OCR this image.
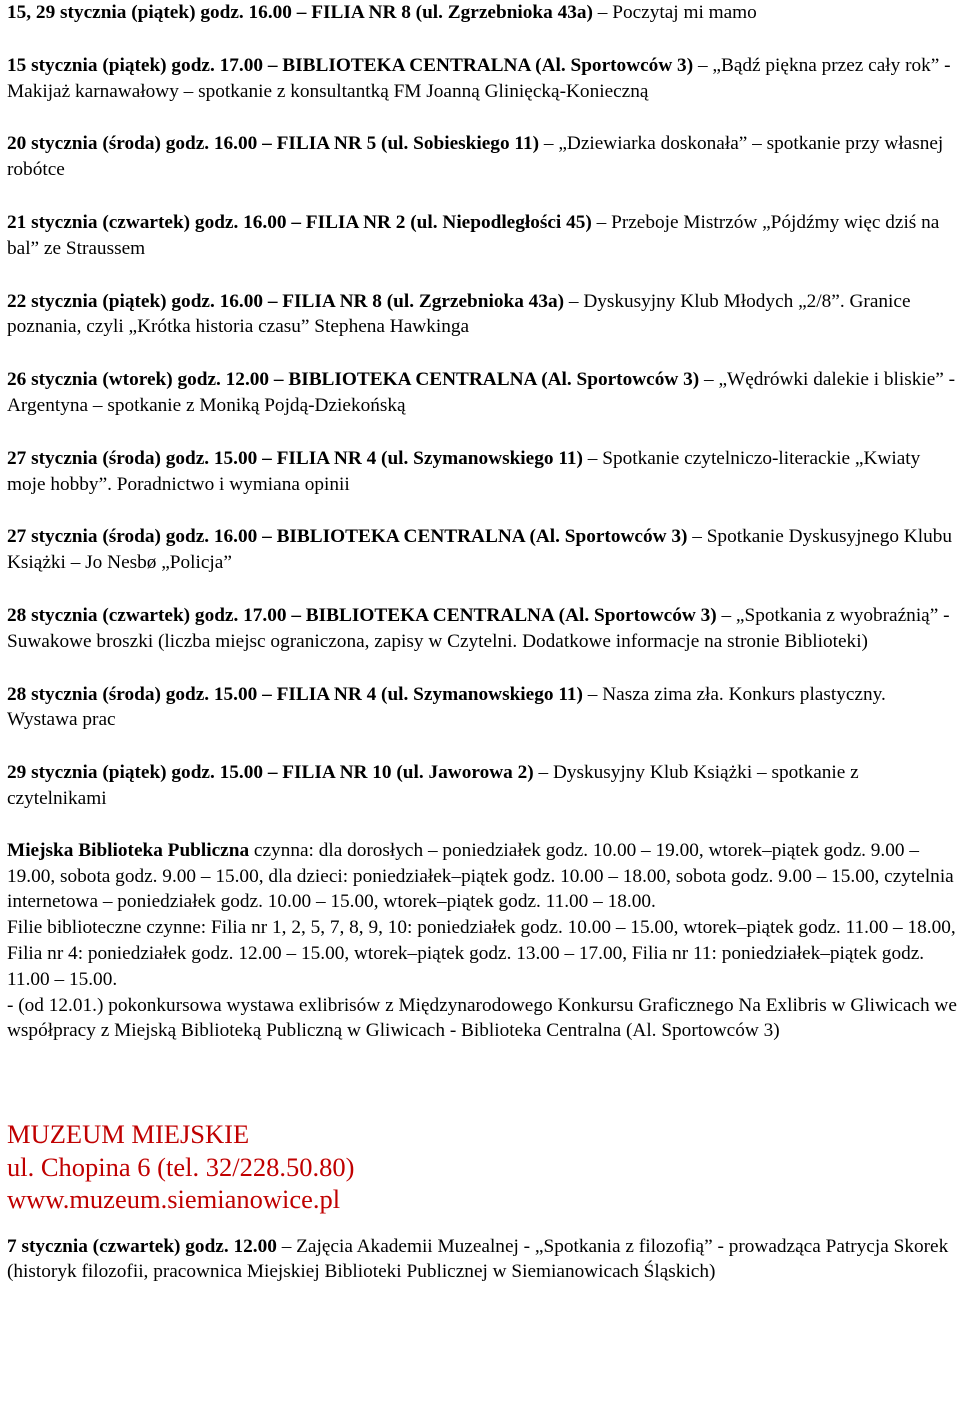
15, 29 stycznia (piątek) godz. 16.00 – FILIA NR 8 (ul. Zgrzebnioka 43a) – Poczytaj mi mamo

15 stycznia (piątek) godz. 17.00 – BIBLIOTEKA CENTRALNA (Al. Sportowców 3) – „Bądź piękna przez cały rok” - Makijaż karnawałowy – spotkanie z konsultantką FM Joanną Glinięcką-Konieczną

20 stycznia (środa) godz. 16.00 – FILIA NR 5 (ul. Sobieskiego 11) – „Dziewiarka doskonała” – spotkanie przy własnej robótce

21 stycznia (czwartek) godz. 16.00 – FILIA NR 2 (ul. Niepodległości 45) – Przeboje Mistrzów „Pójdźmy więc dziś na bal” ze Straussem

22 stycznia (piątek) godz. 16.00 – FILIA NR 8 (ul. Zgrzebnioka 43a) – Dyskusyjny Klub Młodych „2/8”. Granice poznania, czyli „Krótka historia czasu” Stephena Hawkinga

26 stycznia (wtorek) godz. 12.00 – BIBLIOTEKA CENTRALNA (Al. Sportowców 3) – „Wędrówki dalekie i bliskie” - Argentyna – spotkanie z Moniką Pojdą-Dziekońską

27 stycznia (środa) godz. 15.00 – FILIA NR 4 (ul. Szymanowskiego 11) – Spotkanie czytelniczo-literackie „Kwiaty moje hobby”. Poradnictwo i wymiana opinii

27 stycznia (środa) godz. 16.00 – BIBLIOTEKA CENTRALNA (Al. Sportowców 3) – Spotkanie Dyskusyjnego Klubu Książki – Jo Nesbø „Policja”

28 stycznia (czwartek) godz. 17.00 – BIBLIOTEKA CENTRALNA (Al. Sportowców 3) – „Spotkania z wyobraźnią” - Suwakowe broszki (liczba miejsc ograniczona, zapisy w Czytelni. Dodatkowe informacje na stronie Biblioteki)

28 stycznia (środa) godz. 15.00 – FILIA NR 4 (ul. Szymanowskiego 11) – Nasza zima zła. Konkurs plastyczny. Wystawa prac

29 stycznia (piątek) godz. 15.00 – FILIA NR 10 (ul. Jaworowa 2) – Dyskusyjny Klub Książki – spotkanie z czytelnikami

Miejska Biblioteka Publiczna czynna: dla dorosłych – poniedziałek godz. 10.00 – 19.00, wtorek–piątek godz. 9.00 – 19.00, sobota godz. 9.00 – 15.00, dla dzieci: poniedziałek–piątek godz. 10.00 – 18.00, sobota godz. 9.00 – 15.00, czytelnia internetowa – poniedziałek godz. 10.00 – 15.00, wtorek–piątek godz. 11.00 – 18.00.

Filie biblioteczne czynne: Filia nr 1, 2, 5, 7, 8, 9, 10: poniedziałek godz. 10.00 – 15.00, wtorek–piątek godz. 11.00 – 18.00, Filia nr 4: poniedziałek godz. 12.00 – 15.00, wtorek–piątek godz. 13.00 – 17.00, Filia nr 11: poniedziałek–piątek godz. 11.00 – 15.00.

- (od 12.01.) pokonkursowa wystawa exlibrisów z Międzynarodowego Konkursu Graficznego Na Exlibris w Gliwicach we współpracy z Miejską Biblioteką Publiczną w Gliwicach - Biblioteka Centralna (Al. Sportowców 3)

MUZEUM MIEJSKIE

ul. Chopina 6 (tel. 32/228.50.80)

www.muzeum.siemianowice.pl

7 stycznia (czwartek) godz. 12.00 – Zajęcia Akademii Muzealnej - „Spotkania z filozofią” - prowadząca Patrycja Skorek (historyk filozofii, pracownica Miejskiej Biblioteki Publicznej w Siemianowicach Śląskich)
